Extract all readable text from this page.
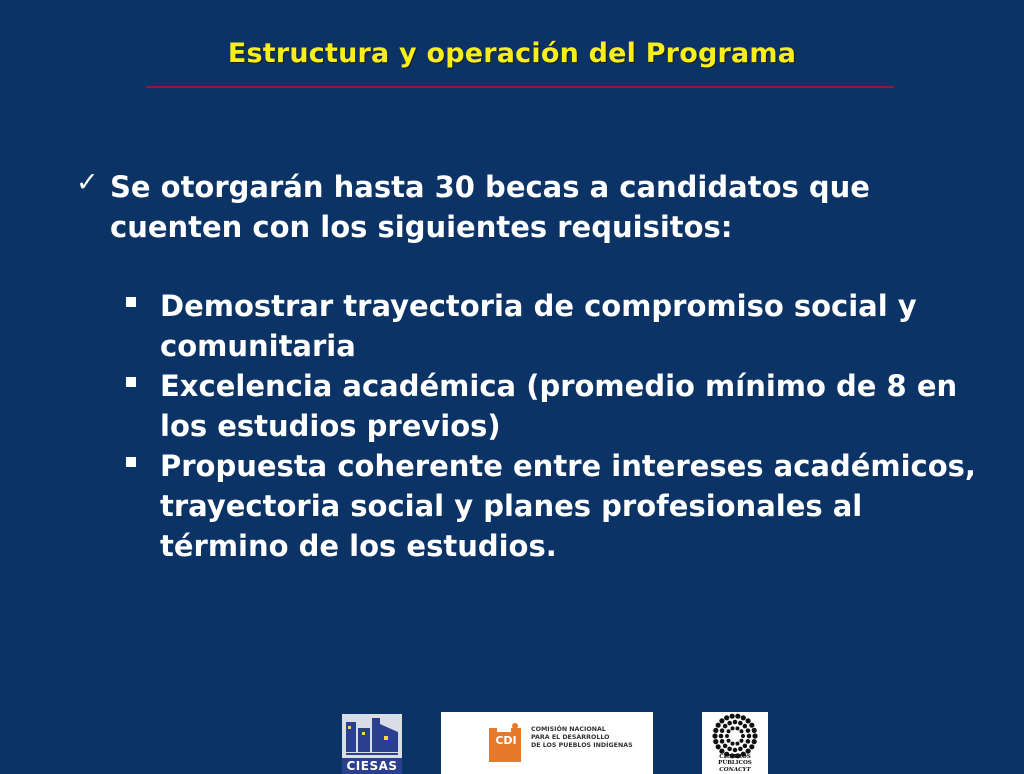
Estructura y operación del Programa
✓ Se otorgarán hasta 30 becas a candidatos que cuenten con los siguientes requisitos:
Demostrar trayectoria de compromiso social y comunitaria
Excelencia académica (promedio mínimo de 8 en los estudios previos)
Propuesta coherente entre intereses académicos, trayectoria social y planes profesionales al término de los estudios.
CIESAS
CDI
COMISIÓN NACIONAL
PARA EL DESARROLLO
DE LOS PUEBLOS INDÍGENAS
CENTROS PÚBLICOS
CONACYT
